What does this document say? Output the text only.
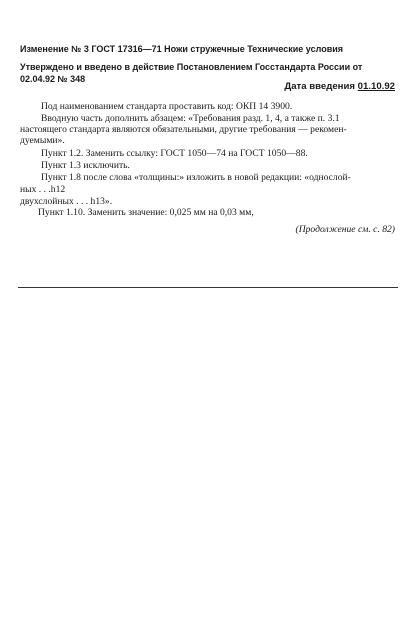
Изменение № 3 ГОСТ 17316—71 Ножи стружечные Технические условия
Утверждено и введено в действие Постановлением Госстандарта России от
02.04.92 № 348
Дата введения 01.10.92
Под наименованием стандарта проставить код: ОКП 14 3900.
Вводную часть дополнить абзацем: «Требования разд. 1, 4, а также п. 3.1
настоящего стандарта являются обязательными, другие требования — рекомен-
дуемыми».
Пункт 1.2. Заменить ссылку: ГОСТ 1050—74 на ГОСТ 1050—88.
Пункт 1.3 исключить.
Пункт 1.8 после слова «толщины:» изложить в новой редакции: «однослой-
ных . . .h12
двухслойных . . . h13».
Пункт 1.10. Заменить значение: 0,025 мм на 0,03 мм,
(Продолжение см. с. 82)
